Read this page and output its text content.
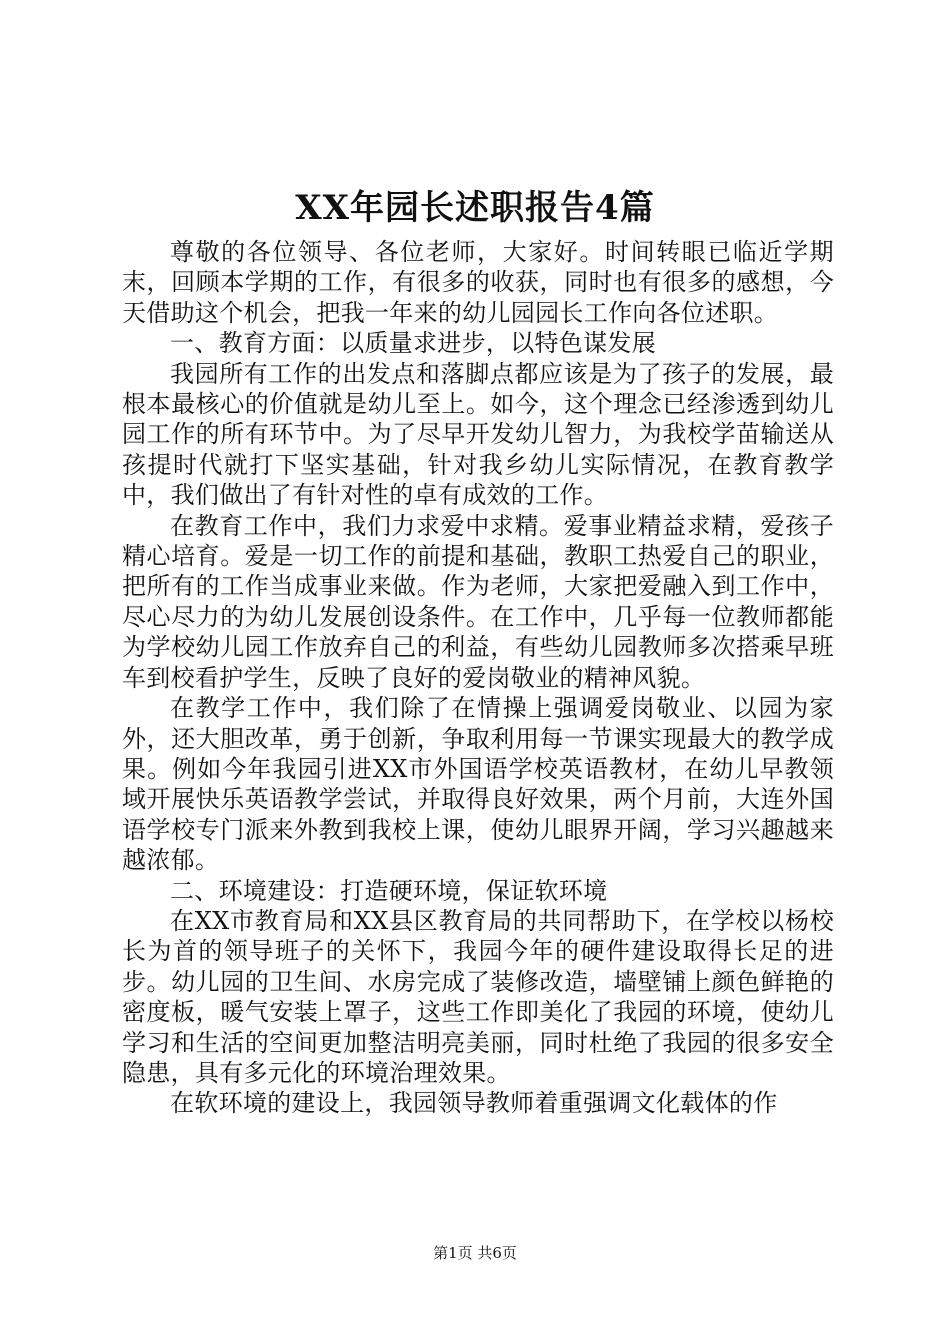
XX年园长述职报告4篇

尊敬的各位领导、各位老师，大家好。时间转眼已临近学期末，回顾本学期的工作，有很多的收获，同时也有很多的感想，今天借助这个机会，把我一年来的幼儿园园长工作向各位述职。

一、教育方面：以质量求进步，以特色谋发展

我园所有工作的出发点和落脚点都应该是为了孩子的发展，最根本最核心的价值就是幼儿至上。如今，这个理念已经渗透到幼儿园工作的所有环节中。为了尽早开发幼儿智力，为我校学苗输送从孩提时代就打下坚实基础，针对我乡幼儿实际情况，在教育教学中，我们做出了有针对性的卓有成效的工作。

在教育工作中，我们力求爱中求精。爱事业精益求精，爱孩子精心培育。爱是一切工作的前提和基础，教职工热爱自己的职业，把所有的工作当成事业来做。作为老师，大家把爱融入到工作中，尽心尽力的为幼儿发展创设条件。在工作中，几乎每一位教师都能为学校幼儿园工作放弃自己的利益，有些幼儿园教师多次搭乘早班车到校看护学生，反映了良好的爱岗敬业的精神风貌。

在教学工作中，我们除了在情操上强调爱岗敬业、以园为家外，还大胆改革，勇于创新，争取利用每一节课实现最大的教学成果。例如今年我园引进XX市外国语学校英语教材，在幼儿早教领域开展快乐英语教学尝试，并取得良好效果，两个月前，大连外国语学校专门派来外教到我校上课，使幼儿眼界开阔，学习兴趣越来越浓郁。

二、环境建设：打造硬环境，保证软环境

在XX市教育局和XX县区教育局的共同帮助下，在学校以杨校长为首的领导班子的关怀下，我园今年的硬件建设取得长足的进步。幼儿园的卫生间、水房完成了装修改造，墙壁铺上颜色鲜艳的密度板，暖气安装上罩子，这些工作即美化了我园的环境，使幼儿学习和生活的空间更加整洁明亮美丽，同时杜绝了我园的很多安全隐患，具有多元化的环境治理效果。

在软环境的建设上，我园领导教师着重强调文化载体的作

第1页 共6页
